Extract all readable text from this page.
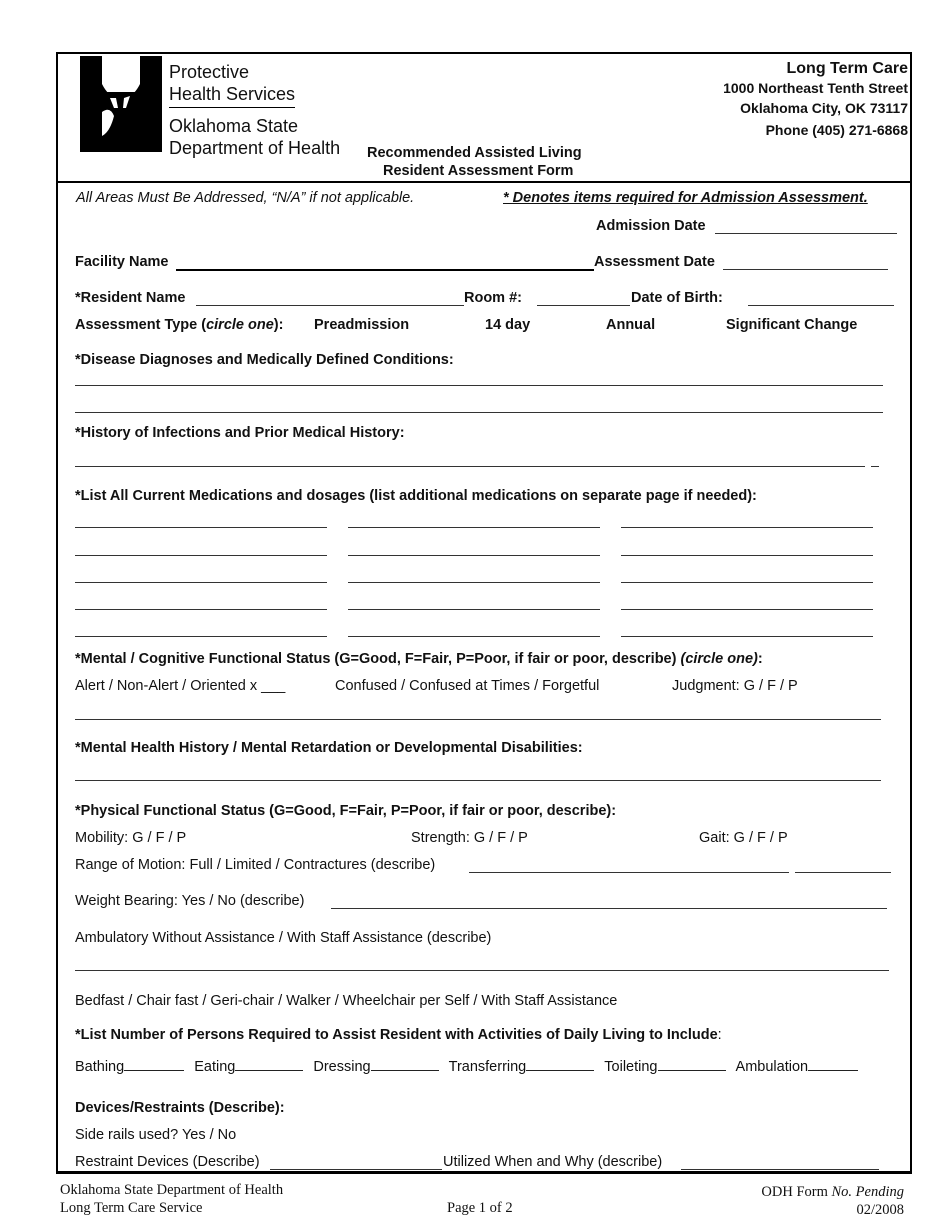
Protective
Health Services
Oklahoma State
Department of Health Recommended Assisted Living
Resident Assessment Form
Long Term Care
1000 Northeast Tenth Street
Oklahoma City, OK 73117
Phone (405) 271-6868
All Areas Must Be Addressed, “N/A” if not applicable.	* Denotes items required for Admission Assessment.
Admission Date
Facility Name	Assessment Date
*Resident Name	Room #:	Date of Birth:
Assessment Type (circle one): Preadmission	14 day	Annual	Significant Change
*Disease Diagnoses and Medically Defined Conditions:
*History of Infections and Prior Medical History:
*List All Current Medications and dosages (list additional medications on separate page if needed):
*Mental / Cognitive Functional Status (G=Good, F=Fair, P=Poor, if fair or poor, describe) (circle one):
Alert / Non-Alert / Oriented x ___	Confused / Confused at Times / Forgetful	Judgment: G / F / P
*Mental Health History / Mental Retardation or Developmental Disabilities:
*Physical Functional Status (G=Good, F=Fair, P=Poor, if fair or poor, describe):
Mobility: G / F / P	Strength: G / F / P	Gait: G / F / P
Range of Motion: Full / Limited / Contractures (describe)
Weight Bearing: Yes / No (describe)
Ambulatory Without Assistance / With Staff Assistance (describe)
Bedfast / Chair fast / Geri-chair / Walker / Wheelchair per Self / With Staff Assistance
*List Number of Persons Required to Assist Resident with Activities of Daily Living to Include:
Bathing	Eating	Dressing	Transferring	Toileting	Ambulation
Devices/Restraints (Describe):
Side rails used? Yes / No
Restraint Devices (Describe)	Utilized When and Why (describe)
Oklahoma State Department of Health
Long Term Care Service	Page 1 of 2
ODH Form No. Pending
02/2008
